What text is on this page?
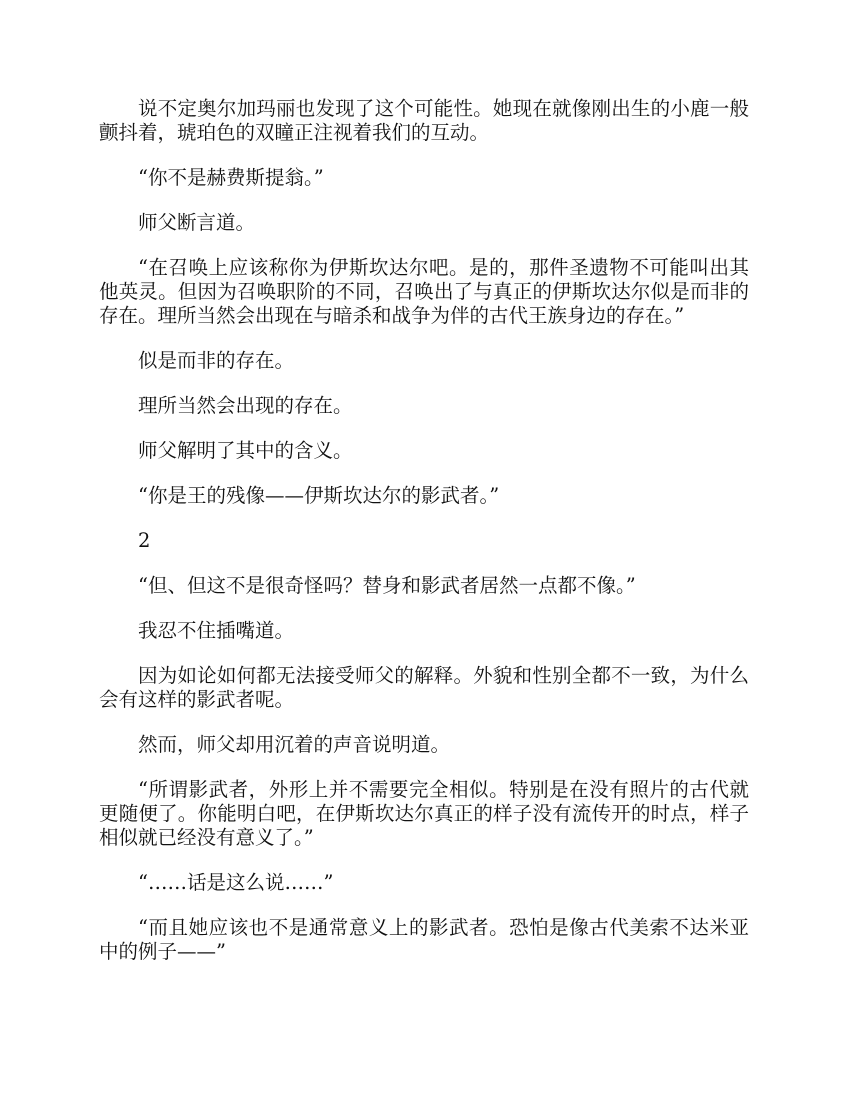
说不定奥尔加玛丽也发现了这个可能性。她现在就像刚出生的小鹿一般颤抖着，琥珀色的双瞳正注视着我们的互动。

“你不是赫费斯提翁。”

师父断言道。

“在召唤上应该称你为伊斯坎达尔吧。是的，那件圣遗物不可能叫出其他英灵。但因为召唤职阶的不同，召唤出了与真正的伊斯坎达尔似是而非的存在。理所当然会出现在与暗杀和战争为伴的古代王族身边的存在。”

似是而非的存在。

理所当然会出现的存在。

师父解明了其中的含义。

“你是王的残像——伊斯坎达尔的影武者。”

2

“但、但这不是很奇怪吗？替身和影武者居然一点都不像。”

我忍不住插嘴道。

因为如论如何都无法接受师父的解释。外貌和性别全都不一致，为什么会有这样的影武者呢。

然而，师父却用沉着的声音说明道。

“所谓影武者，外形上并不需要完全相似。特别是在没有照片的古代就更随便了。你能明白吧，在伊斯坎达尔真正的样子没有流传开的时点，样子相似就已经没有意义了。”

“……话是这么说……”

“而且她应该也不是通常意义上的影武者。恐怕是像古代美索不达米亚中的例子——”
